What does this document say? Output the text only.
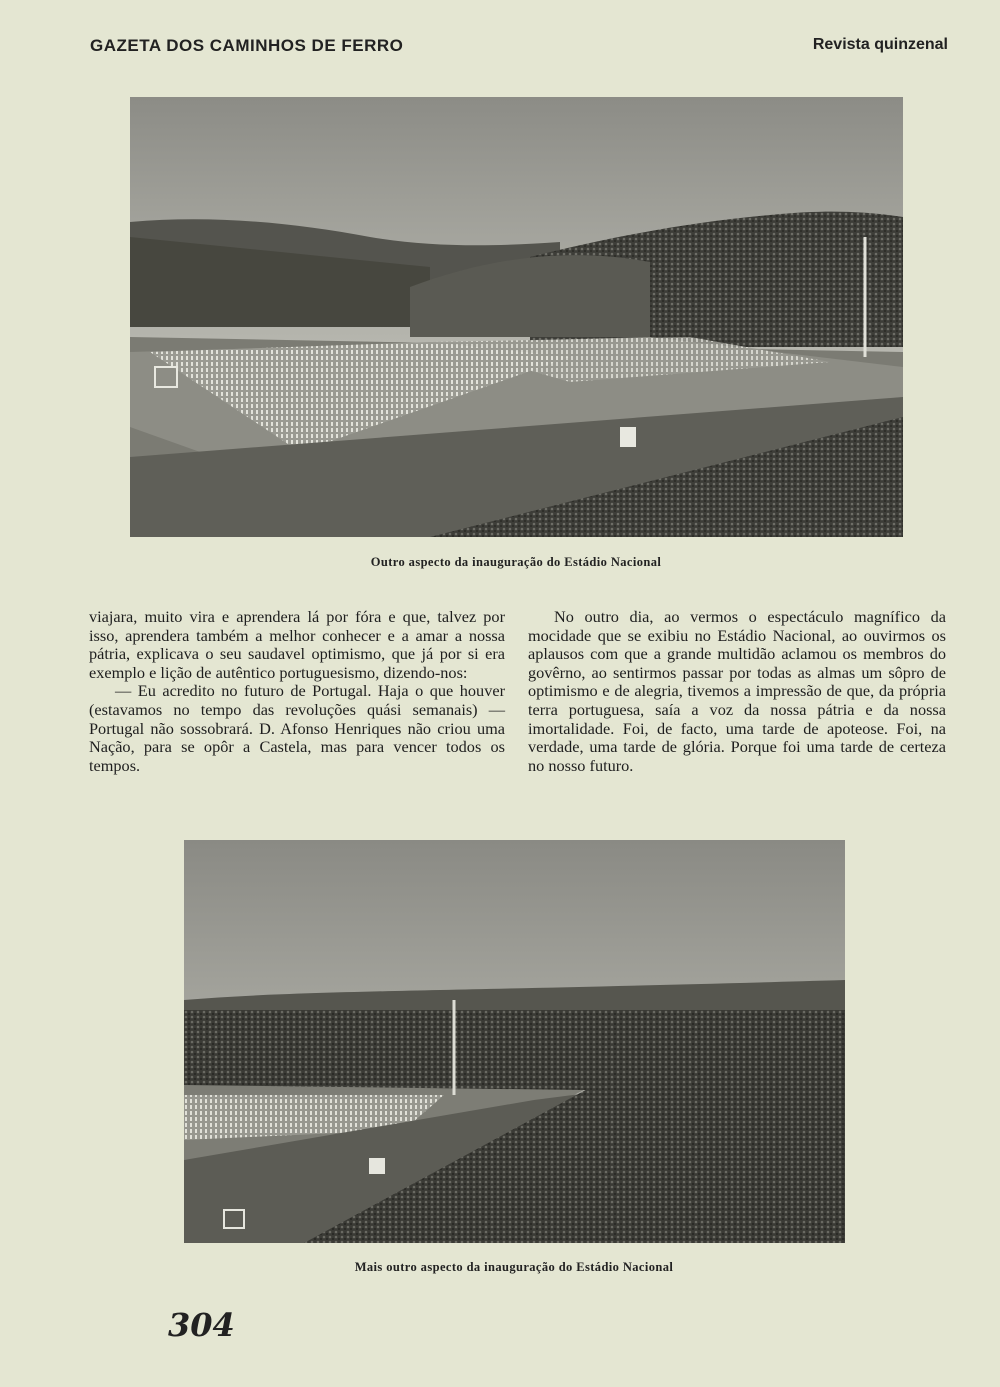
GAZETA DOS CAMINHOS DE FERRO	Revista quinzenal
Outro aspecto da inauguração do Estádio Nacional

viajara, muito vira e aprendera lá por fóra e que, talvez por isso, aprendera também a melhor conhecer e a amar a nossa pátria, explicava o seu saudavel optimismo, que já por si era exemplo e lição de autêntico portuguesismo, dizendo-nos:

— Eu acredito no futuro de Portugal. Haja o que houver (estavamos no tempo das revoluções quási semanais) — Portugal não sossobrará. D. Afonso Henriques não criou uma Nação, para se opôr a Castela, mas para vencer todos os tempos.

No outro dia, ao vermos o espectáculo magnífico da mocidade que se exibiu no Estádio Nacional, ao ouvirmos os aplausos com que a grande multidão aclamou os membros do govêrno, ao sentirmos passar por todas as almas um sôpro de optimismo e de alegria, tivemos a impressão de que, da própria terra portuguesa, saía a voz da nossa pátria e da nossa imortalidade. Foi, de facto, uma tarde de apoteose. Foi, na verdade, uma tarde de glória. Porque foi uma tarde de certeza no nosso futuro.

Mais outro aspecto da inauguração do Estádio Nacional
304
